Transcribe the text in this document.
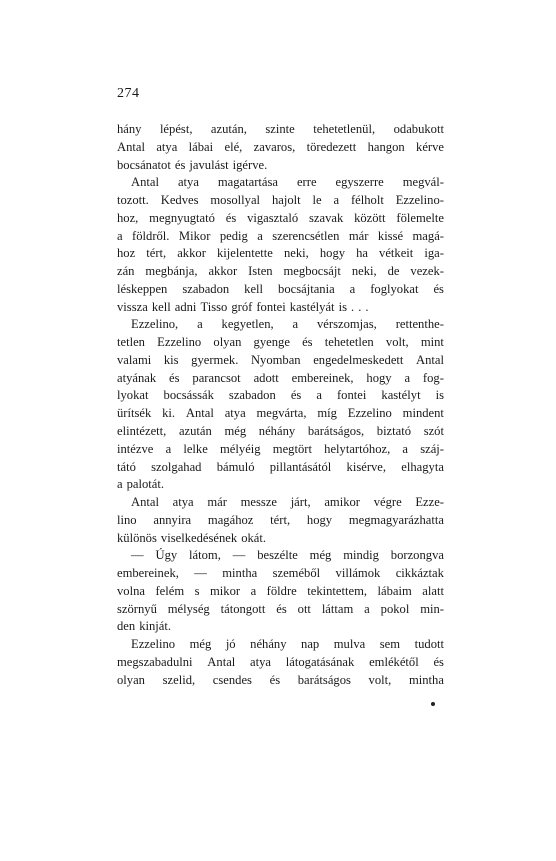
274
hány lépést, azután, szinte tehetetlenül, odabukott
Antal atya lábai elé, zavaros, töredezett hangon kérve
bocsánatot és javulást igérve.
Antal atya magatartása erre egyszerre megvál-
tozott. Kedves mosollyal hajolt le a félholt Ezzelino-
hoz, megnyugtató és vigasztaló szavak között fölemelte
a földről. Mikor pedig a szerencsétlen már kissé magá-
hoz tért, akkor kijelentette neki, hogy ha vétkeit iga-
zán megbánja, akkor Isten megbocsájt neki, de vezek-
léskeppen szabadon kell bocsájtania a foglyokat és
vissza kell adni Tisso gróf fontei kastélyát is . . .
Ezzelino, a kegyetlen, a vérszomjas, rettenthe-
tetlen Ezzelino olyan gyenge és tehetetlen volt, mint
valami kis gyermek. Nyomban engedelmeskedett Antal
atyának és parancsot adott embereinek, hogy a fog-
lyokat bocsássák szabadon és a fontei kastélyt is
ürítsék ki. Antal atya megvárta, míg Ezzelino mindent
elintézett, azután még néhány barátságos, biztató szót
intézve a lelke mélyéig megtört helytartóhoz, a száj-
tátó szolgahad bámuló pillantásától kisérve, elhagyta
a palotát.
Antal atya már messze járt, amikor végre Ezze-
lino annyira magához tért, hogy megmagyarázhatta
különös viselkedésének okát.
— Úgy látom, — beszélte még mindig borzongva
embereinek, — mintha szeméből villámok cikkáztak
volna felém s mikor a földre tekintettem, lábaim alatt
szörnyű mélység tátongott és ott láttam a pokol min-
den kinját.
Ezzelino még jó néhány nap mulva sem tudott
megszabadulni Antal atya látogatásának emlékétől és
olyan szelid, csendes és barátságos volt, mintha
